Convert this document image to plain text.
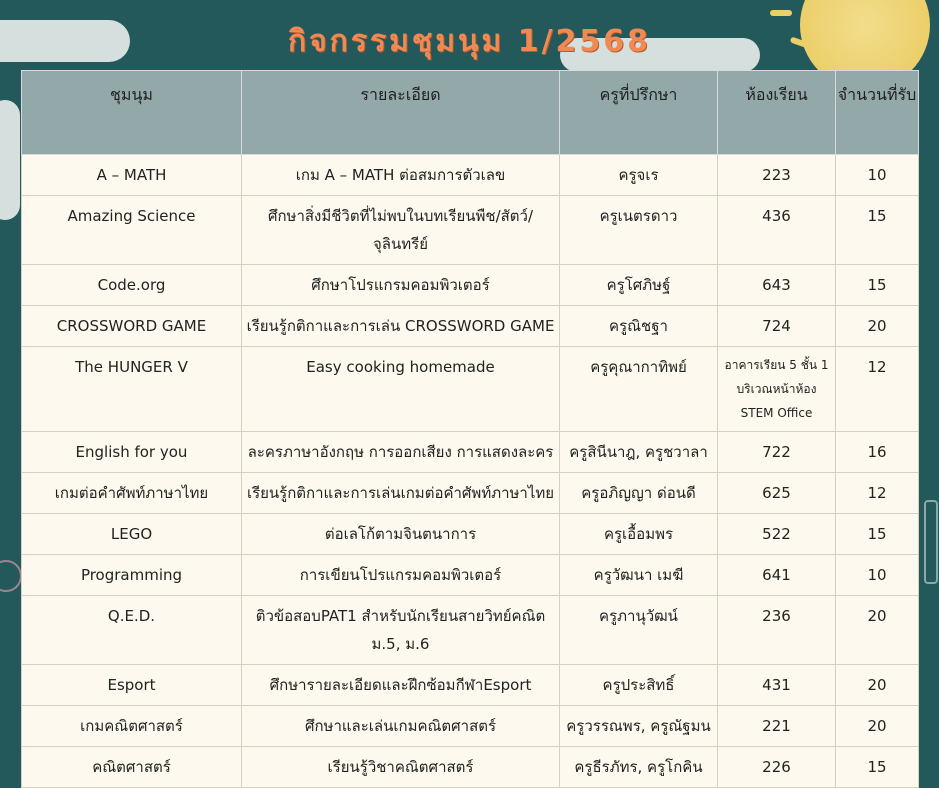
กิจกรรมชุมนุม 1/2568
ชุมนุม	รายละเอียด	ครูที่ปรึกษา	ห้องเรียน	จำนวนที่รับ
A – MATH	เกม A – MATH ต่อสมการตัวเลข	ครูจเร	223	10
Amazing Science	ศึกษาสิ่งมีชีวิตที่ไม่พบในบทเรียนพืช/สัตว์/จุลินทรีย์	ครูเนตรดาว	436	15
Code.org	ศึกษาโปรแกรมคอมพิวเตอร์	ครูโศภิษฐ์	643	15
CROSSWORD GAME	เรียนรู้กติกาและการเล่น CROSSWORD GAME	ครูณิชฐา	724	20
The HUNGER V	Easy cooking homemade	ครูคุณากาทิพย์	อาคารเรียน 5 ชั้น 1 บริเวณหน้าห้อง STEM Office	12
English for you	ละครภาษาอังกฤษ การออกเสียง การแสดงละคร	ครูสินีนาฎ, ครูชวาลา	722	16
เกมต่อคำศัพท์ภาษาไทย	เรียนรู้กติกาและการเล่นเกมต่อคำศัพท์ภาษาไทย	ครูอภิญญา ด่อนดี	625	12
LEGO	ต่อเลโก้ตามจินตนาการ	ครูเอื้อมพร	522	15
Programming	การเขียนโปรแกรมคอมพิวเตอร์	ครูวัฒนา เมฆี	641	10
Q.E.D.	ติวข้อสอบPAT1 สำหรับนักเรียนสายวิทย์คณิต ม.5, ม.6	ครูภานุวัฒน์	236	20
Esport	ศึกษารายละเอียดและฝึกซ้อมกีฬาEsport	ครูประสิทธิ์	431	20
เกมคณิตศาสตร์	ศึกษาและเล่นเกมคณิตศาสตร์	ครูวรรณพร, ครูณัฐมน	221	20
คณิตศาสตร์	เรียนรู้วิชาคณิตศาสตร์	ครูธีรภัทร, ครูโกคิน	226	15
